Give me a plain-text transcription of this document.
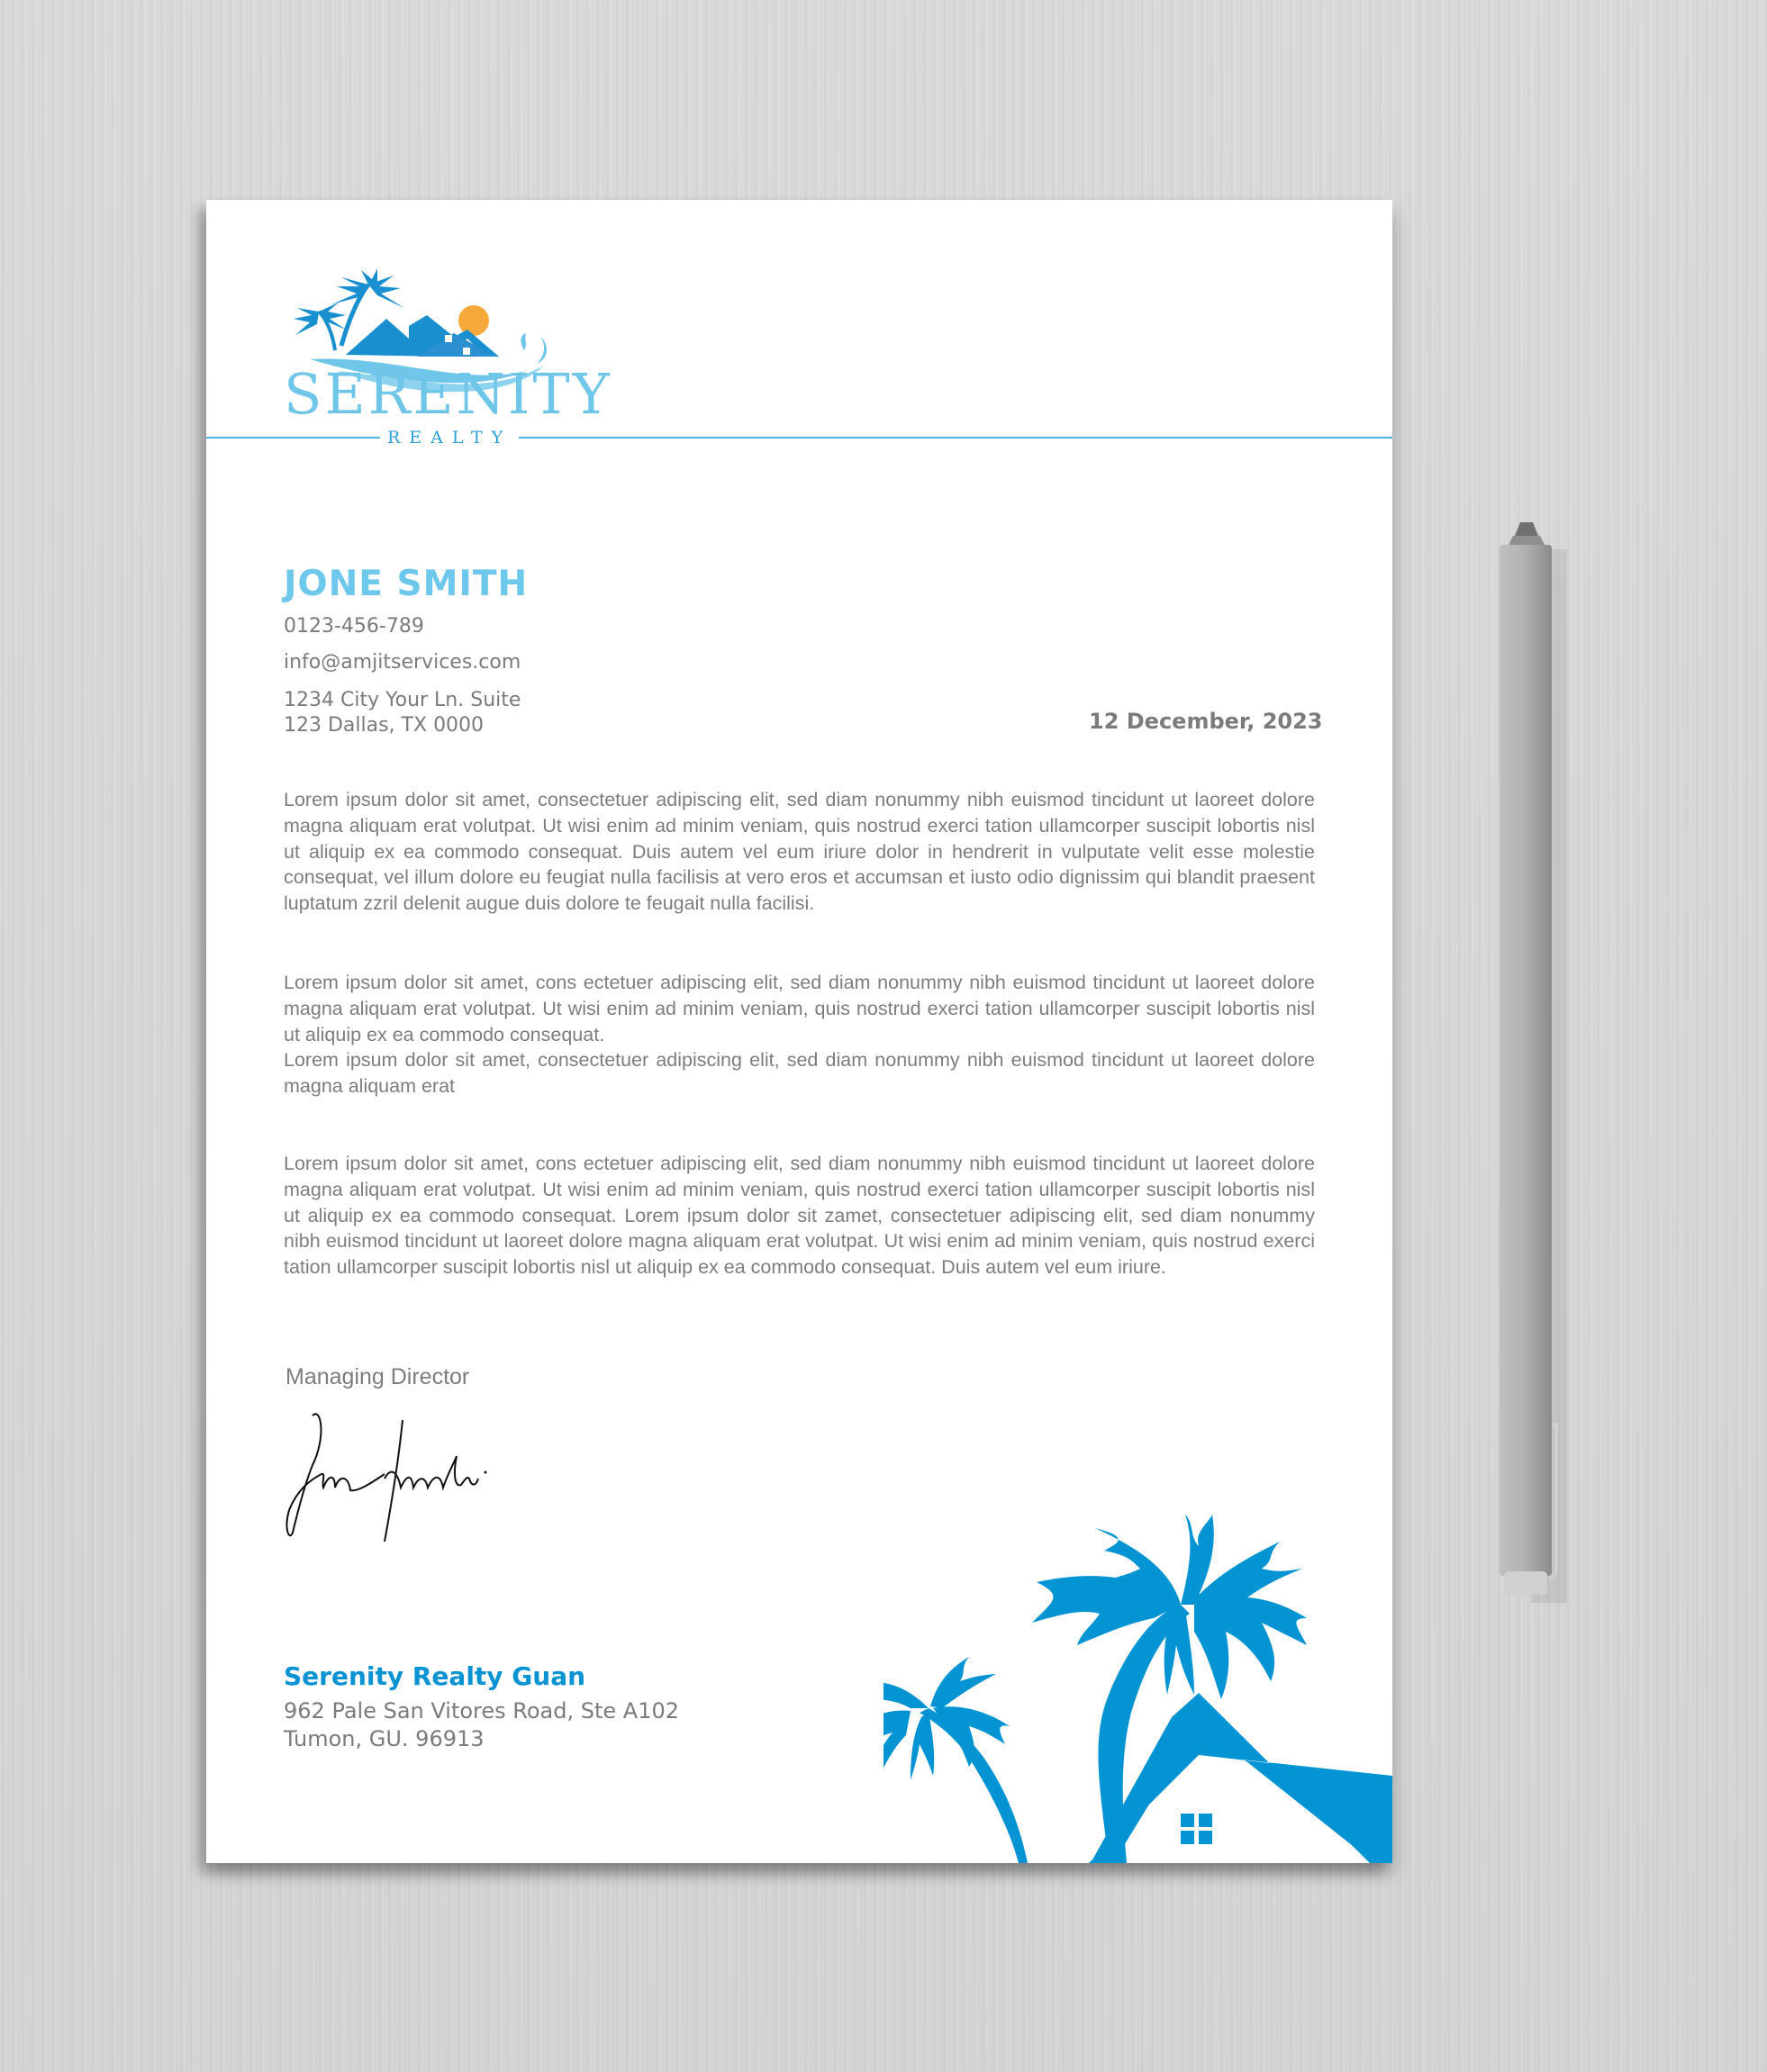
SERENITY
REALTY
JONE SMITH
0123-456-789
info@amjitservices.com
1234 City Your Ln. Suite
123 Dallas, TX 0000	12 December, 2023
Lorem ipsum dolor sit amet, consectetuer adipiscing elit, sed diam nonummy nibh euismod tincidunt ut laoreet dolore magna aliquam erat volutpat. Ut wisi enim ad minim veniam, quis nostrud exerci tation ullamcorper suscipit lobortis nisl ut aliquip ex ea commodo consequat. Duis autem vel eum iriure dolor in hendrerit in vulputate velit esse molestie consequat, vel illum dolore eu feugiat nulla facilisis at vero eros et accumsan et iusto odio dignissim qui blandit praesent luptatum zzril delenit augue duis dolore te feugait nulla facilisi.
Lorem ipsum dolor sit amet, cons ectetuer adipiscing elit, sed diam nonummy nibh euismod tincidunt ut laoreet dolore magna aliquam erat volutpat. Ut wisi enim ad minim veniam, quis nostrud exerci tation ullamcorper suscipit lobortis nisl ut aliquip ex ea commodo consequat.
Lorem ipsum dolor sit amet, consectetuer adipiscing elit, sed diam nonummy nibh euismod tincidunt ut laoreet dolore magna aliquam erat
Lorem ipsum dolor sit amet, cons ectetuer adipiscing elit, sed diam nonummy nibh euismod tincidunt ut laoreet dolore magna aliquam erat volutpat. Ut wisi enim ad minim veniam, quis nostrud exerci tation ullamcorper suscipit lobortis nisl ut aliquip ex ea commodo consequat. Lorem ipsum dolor sit zamet, consectetuer adipiscing elit, sed diam nonummy nibh euismod tincidunt ut laoreet dolore magna aliquam erat volutpat. Ut wisi enim ad minim veniam, quis nostrud exerci tation ullamcorper suscipit lobortis nisl ut aliquip ex ea commodo consequat. Duis autem vel eum iriure.
Managing Director
Serenity Realty Guan
962 Pale San Vitores Road, Ste A102
Tumon, GU. 96913
